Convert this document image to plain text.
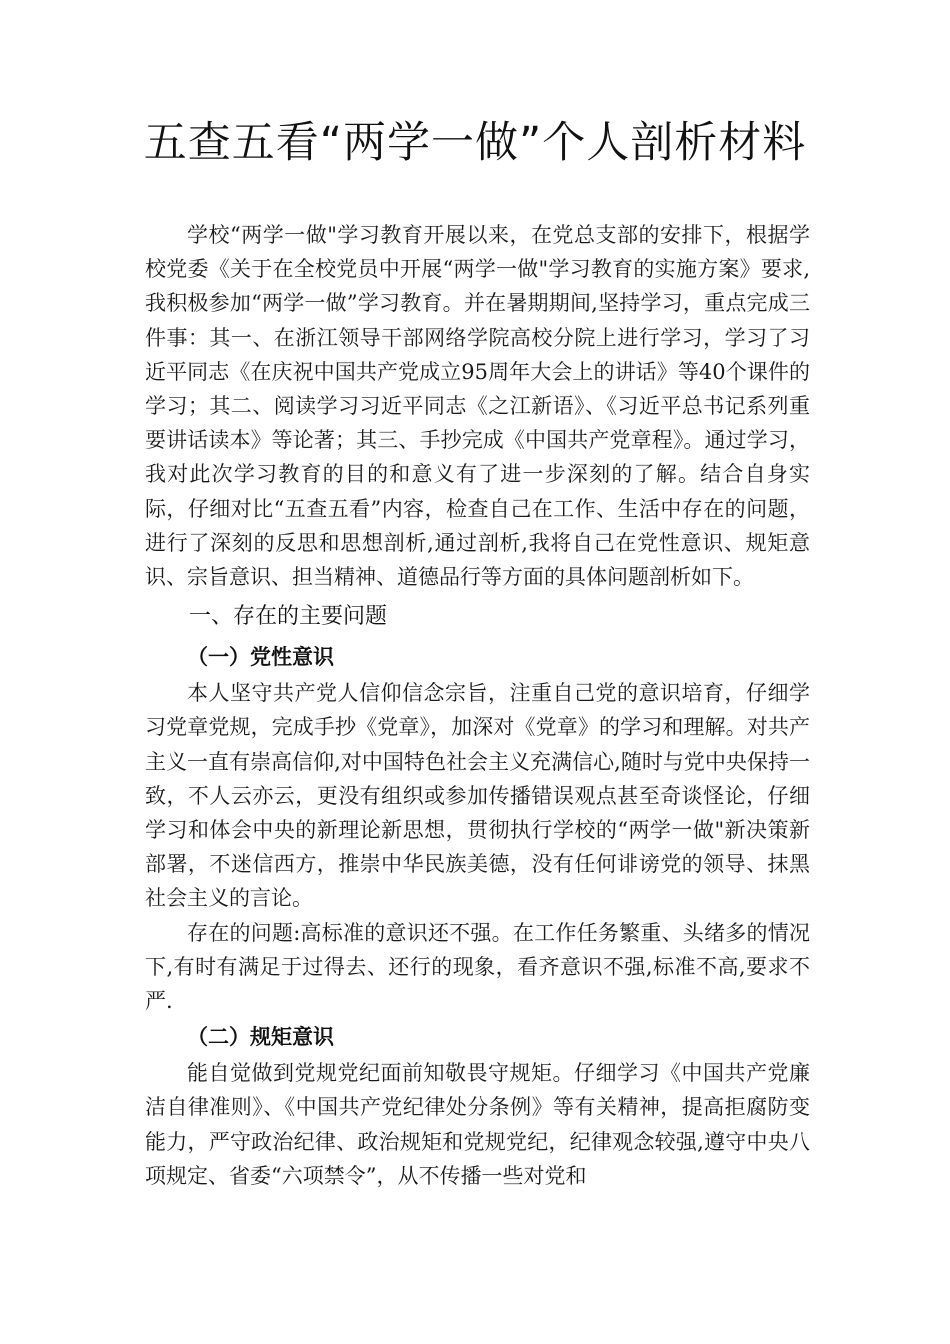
五查五看“两学一做”个人剖析材料

学校“两学一做"学习教育开展以来，在党总支部的安排下，根据学校党委《关于在全校党员中开展“两学一做"学习教育的实施方案》要求,我积极参加“两学一做”学习教育。并在暑期期间,坚持学习，重点完成三件事：其一、在浙江领导干部网络学院高校分院上进行学习，学习了习近平同志《在庆祝中国共产党成立95周年大会上的讲话》等40个课件的学习；其二、阅读学习习近平同志《之江新语》、《习近平总书记系列重要讲话读本》等论著；其三、手抄完成《中国共产党章程》。通过学习，我对此次学习教育的目的和意义有了进一步深刻的了解。结合自身实际，仔细对比“五查五看”内容，检查自己在工作、生活中存在的问题，进行了深刻的反思和思想剖析,通过剖析,我将自己在党性意识、规矩意识、宗旨意识、担当精神、道德品行等方面的具体问题剖析如下。

一、存在的主要问题
（一）党性意识

本人坚守共产党人信仰信念宗旨，注重自己党的意识培育，仔细学习党章党规，完成手抄《党章》，加深对《党章》的学习和理解。对共产主义一直有崇高信仰,对中国特色社会主义充满信心,随时与党中央保持一致，不人云亦云，更没有组织或参加传播错误观点甚至奇谈怪论，仔细学习和体会中央的新理论新思想，贯彻执行学校的“两学一做"新决策新部署，不迷信西方，推崇中华民族美德，没有任何诽谤党的领导、抹黑社会主义的言论。

存在的问题:高标准的意识还不强。在工作任务繁重、头绪多的情况下,有时有满足于过得去、还行的现象，看齐意识不强,标准不高,要求不严.

（二）规矩意识

能自觉做到党规党纪面前知敬畏守规矩。仔细学习《中国共产党廉洁自律准则》、《中国共产党纪律处分条例》等有关精神，提高拒腐防变能力，严守政治纪律、政治规矩和党规党纪，纪律观念较强,遵守中央八项规定、省委“六项禁令”，从不传播一些对党和
